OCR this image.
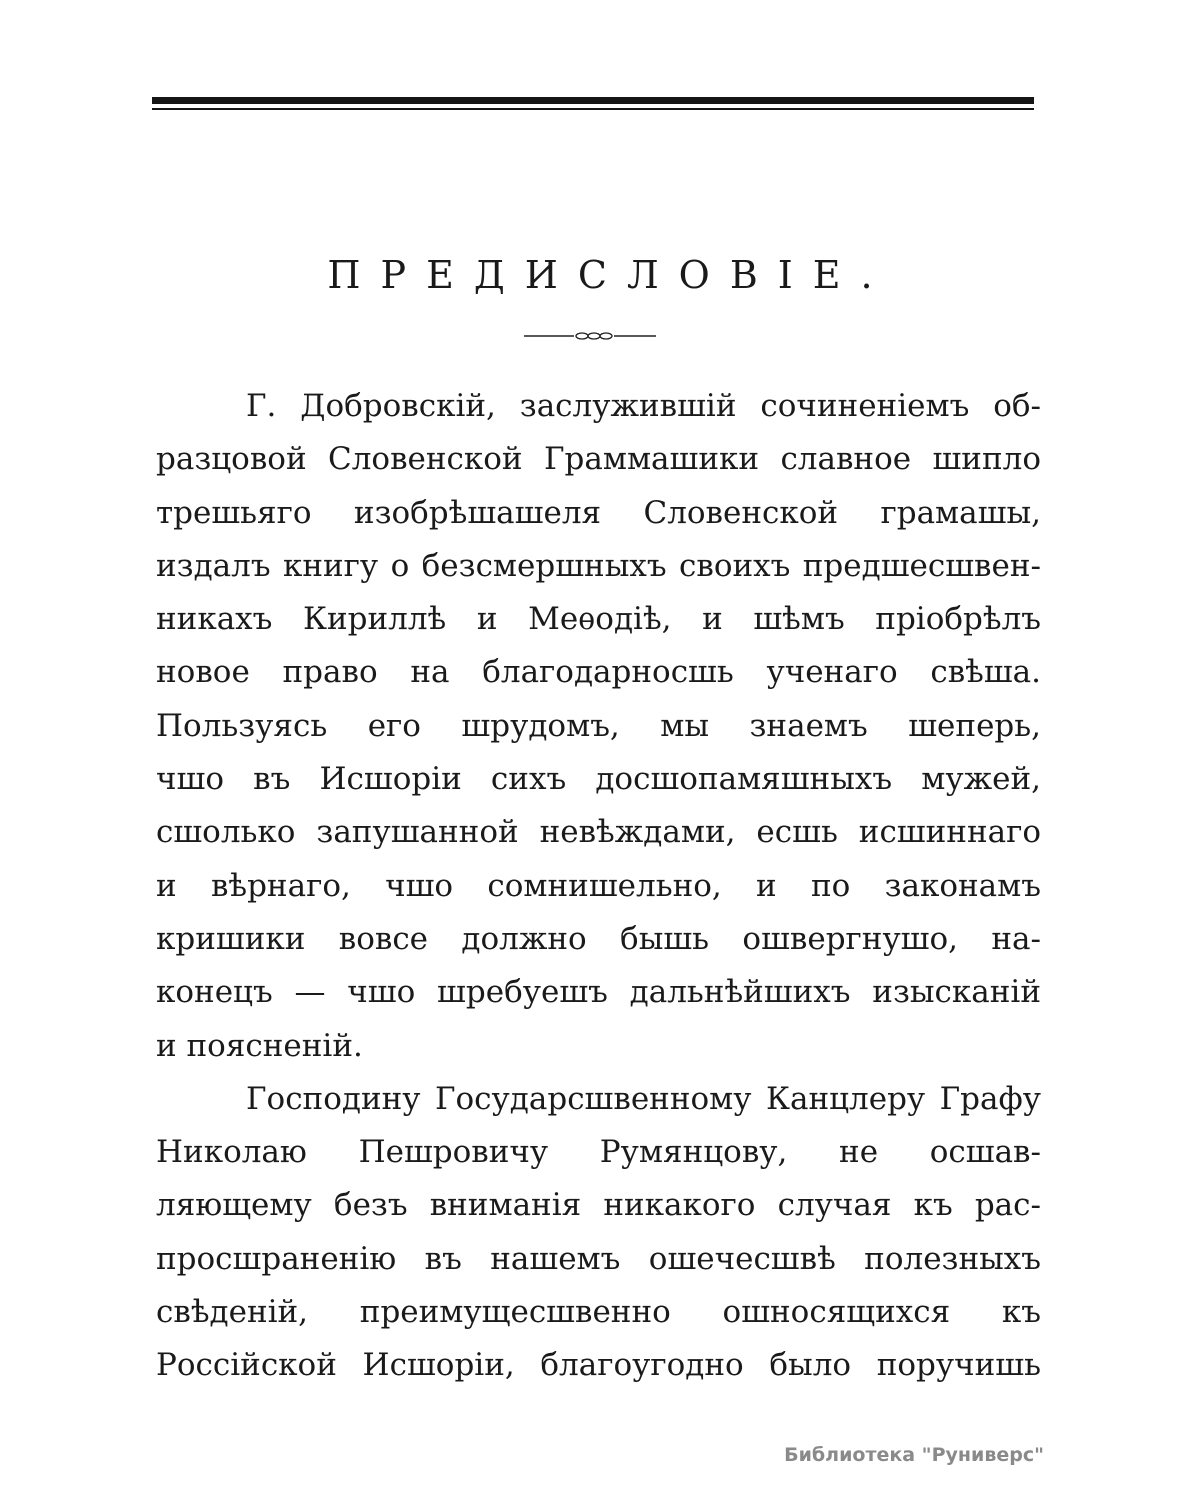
ПРЕДИСЛОВІЕ.
Г. Добровскій, заслужившій сочиненіемъ об-
разцовой Словенской Граммашики славное шипло
трешьяго изобрѣшашеля Словенской грамашы,
издалъ книгу о безсмершныхъ своихъ предшесшвен-
никахъ Кириллѣ и Меѳодіѣ, и шѣмъ пріобрѣлъ
новое право на благодарносшь ученаго свѣша.
Пользуясь его шрудомъ, мы знаемъ шеперь,
чшо въ Исшоріи сихъ досшопамяшныхъ мужей,
сшолько запушанной невѣждами, есшь исшиннаго
и вѣрнаго, чшо сомнишельно, и по законамъ
кришики вовсе должно бышь ошвергнушо, на-
конецъ — чшо шребуешъ дальнѣйшихъ изысканій
и поясненій.
Господину Государсшвенному Канцлеру Графу
Николаю Пешровичу Румянцову, не осшав-
ляющему безъ вниманія никакого случая къ рас-
просшраненію въ нашемъ ошечесшвѣ полезныхъ
свѣденій, преимущесшвенно ошносящихся къ
Россійской Исшоріи, благоугодно было поручишь
Библиотека "Руниверс"
